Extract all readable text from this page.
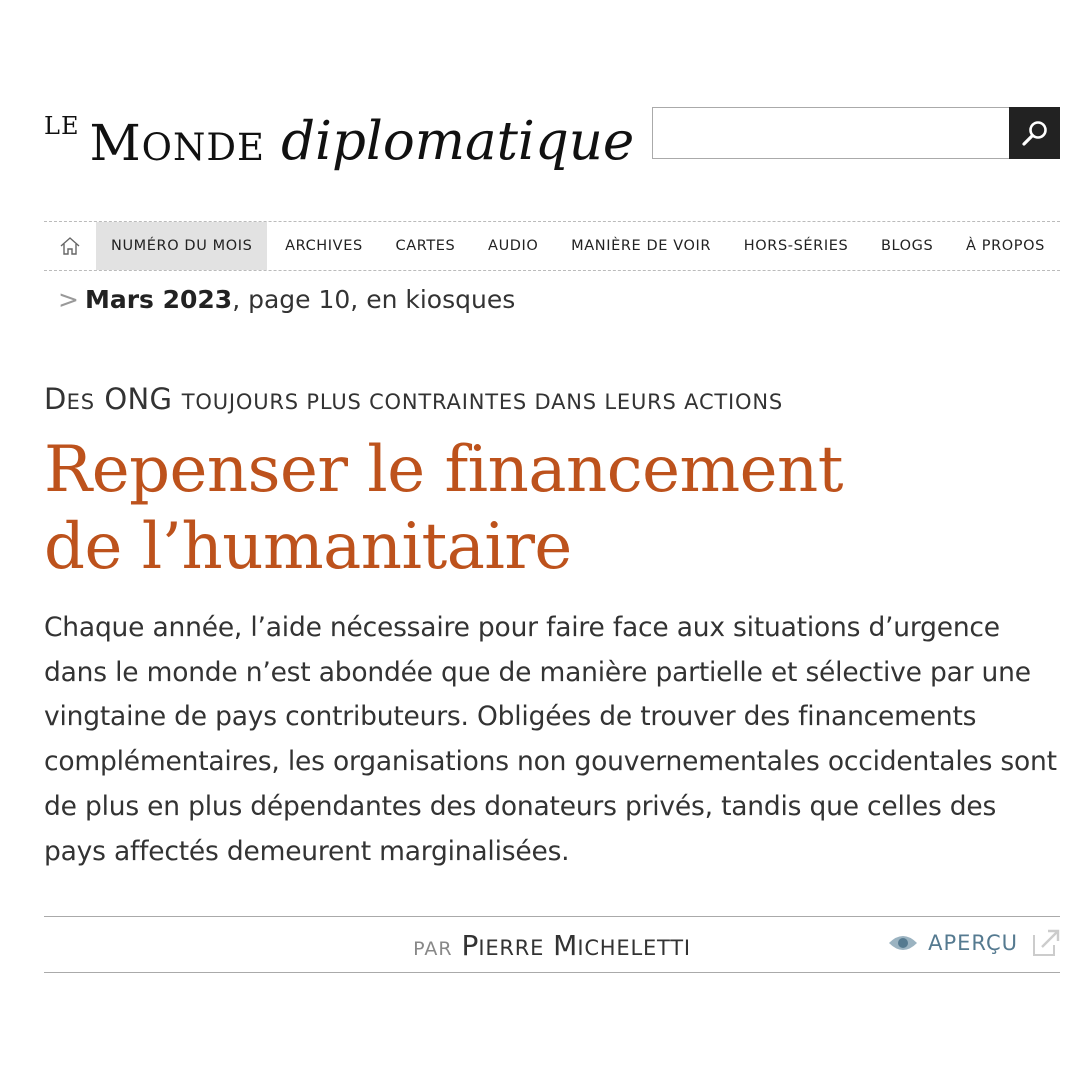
LE MONDE diplomatique
NUMÉRO DU MOIS ARCHIVES CARTES AUDIO MANIÈRE DE VOIR HORS-SÉRIES BLOGS À PROPOS
> Mars 2023, page 10, en kiosques
DES ONG TOUJOURS PLUS CONTRAINTES DANS LEURS ACTIONS
Repenser le financement
de l’humanitaire

Chaque année, l’aide nécessaire pour faire face aux situations d’urgence dans le monde n’est abondée que de manière partielle et sélective par une vingtaine de pays contributeurs. Obligées de trouver des financements complémentaires, les organisations non gouvernementales occidentales sont de plus en plus dépendantes des donateurs privés, tandis que celles des pays affectés demeurent marginalisées.

PAR PIERRE MICHELETTI	APERÇU
